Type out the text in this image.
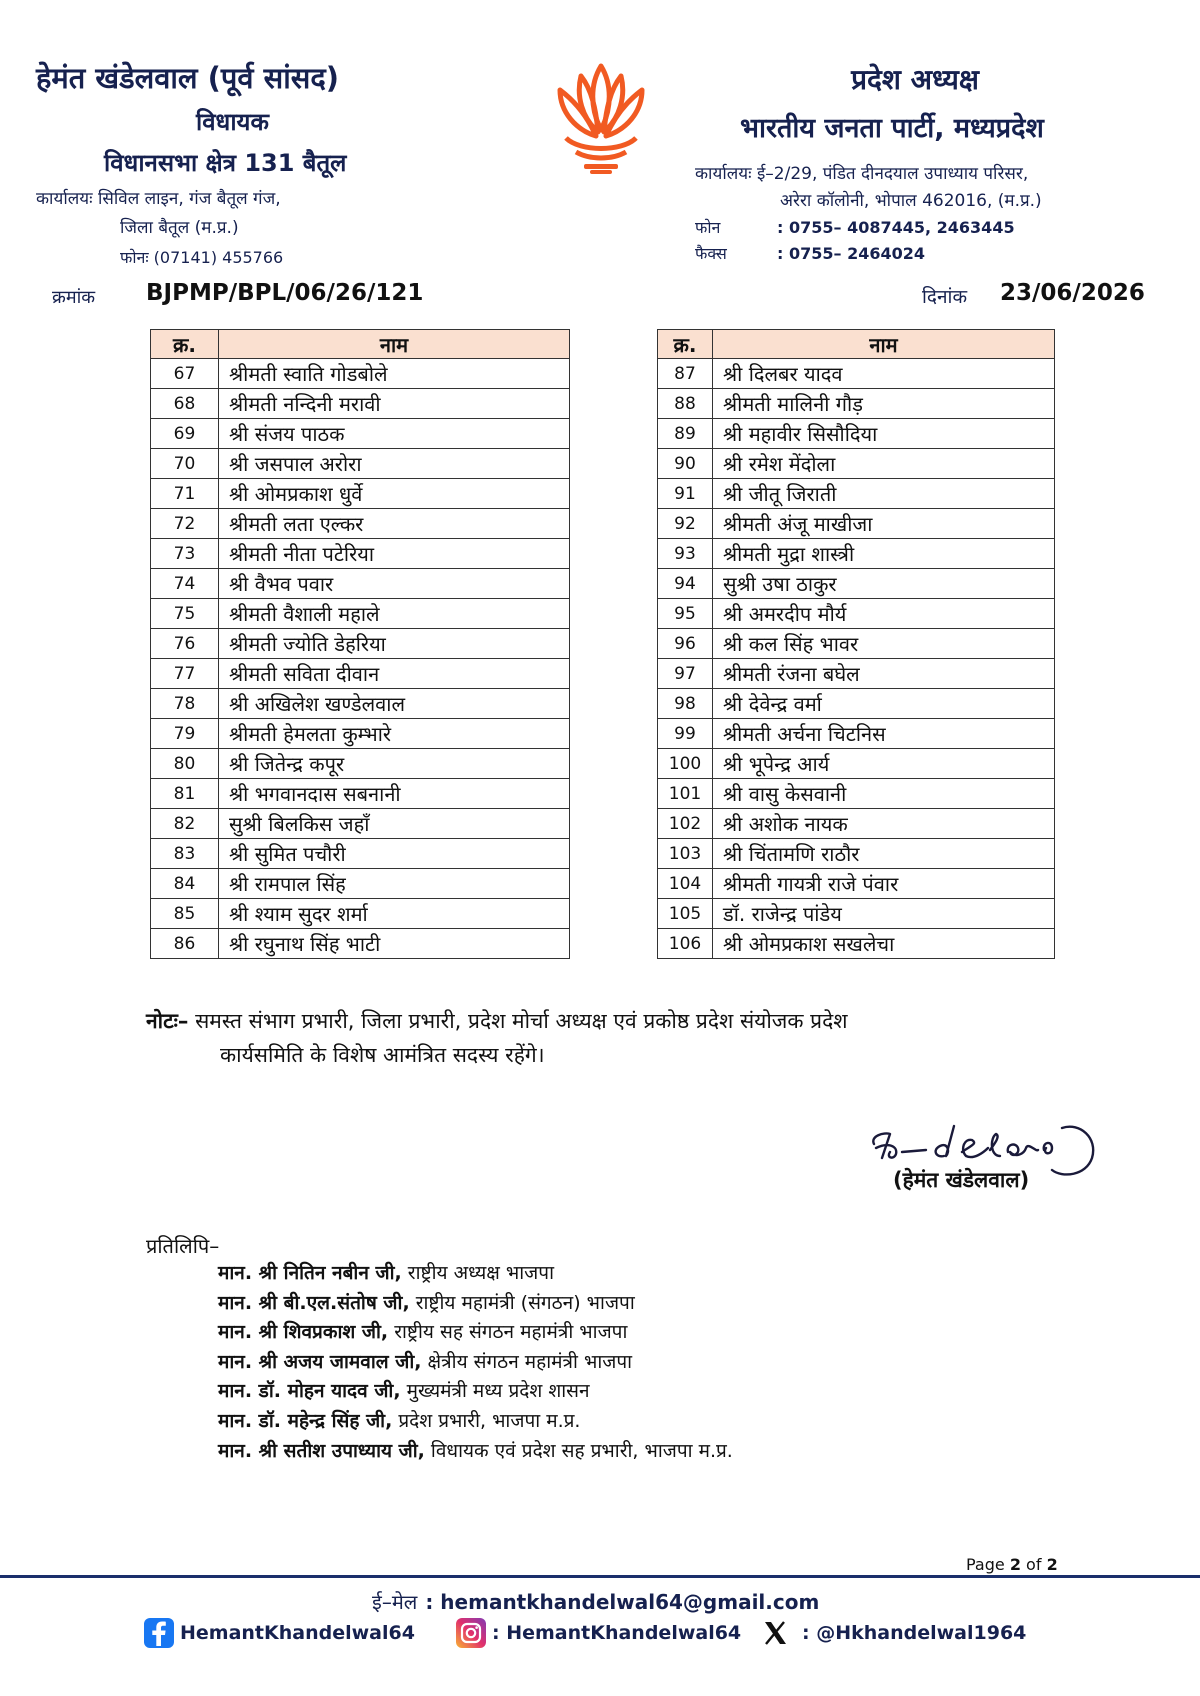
हेमंत खंडेलवाल (पूर्व सांसद)
विधायक
विधानसभा क्षेत्र 131 बैतूल
कार्यालयः सिविल लाइन, गंज बैतूल गंज,
जिला बैतूल (म.प्र.)
फोनः (07141) 455766
प्रदेश अध्यक्ष
भारतीय जनता पार्टी, मध्यप्रदेश
कार्यालयः ई–2/29, पंडित दीनदयाल उपाध्याय परिसर,
अरेरा कॉलोनी, भोपाल 462016, (म.प्र.)
फोन	: 0755– 4087445, 2463445
फैक्स	: 0755– 2464024
क्रमांक BJPMP/BPL/06/26/121	दिनांक 23/06/2026
क्र.	नाम
67	श्रीमती स्वाति गोडबोले
68	श्रीमती नन्दिनी मरावी
69	श्री संजय पाठक
70	श्री जसपाल अरोरा
71	श्री ओमप्रकाश धुर्वे
72	श्रीमती लता एल्कर
73	श्रीमती नीता पटेरिया
74	श्री वैभव पवार
75	श्रीमती वैशाली महाले
76	श्रीमती ज्योति डेहरिया
77	श्रीमती सविता दीवान
78	श्री अखिलेश खण्डेलवाल
79	श्रीमती हेमलता कुम्भारे
80	श्री जितेन्द्र कपूर
81	श्री भगवानदास सबनानी
82	सुश्री बिलकिस जहॉं
83	श्री सुमित पचौरी
84	श्री रामपाल सिंह
85	श्री श्याम सुदर शर्मा
86	श्री रघुनाथ सिंह भाटी
क्र.	नाम
87	श्री दिलबर यादव
88	श्रीमती मालिनी गौड़
89	श्री महावीर सिसौदिया
90	श्री रमेश मेंदोला
91	श्री जीतू जिराती
92	श्रीमती अंजू माखीजा
93	श्रीमती मुद्रा शास्त्री
94	सुश्री उषा ठाकुर
95	श्री अमरदीप मौर्य
96	श्री कल सिंह भावर
97	श्रीमती रंजना बघेल
98	श्री देवेन्द्र वर्मा
99	श्रीमती अर्चना चिटनिस
100	श्री भूपेन्द्र आर्य
101	श्री वासु केसवानी
102	श्री अशोक नायक
103	श्री चिंतामणि राठौर
104	श्रीमती गायत्री राजे पंवार
105	डॉ. राजेन्द्र पांडेय
106	श्री ओमप्रकाश सखलेचा
नोटः– समस्त संभाग प्रभारी, जिला प्रभारी, प्रदेश मोर्चा अध्यक्ष एवं प्रकोष्ठ प्रदेश संयोजक प्रदेश
कार्यसमिति के विशेष आमंत्रित सदस्य रहेंगे।
(हेमंत खंडेलवाल)
प्रतिलिपि–
मान. श्री नितिन नबीन जी, राष्ट्रीय अध्यक्ष भाजपा
मान. श्री बी.एल.संतोष जी, राष्ट्रीय महामंत्री (संगठन) भाजपा
मान. श्री शिवप्रकाश जी, राष्ट्रीय सह संगठन महामंत्री भाजपा
मान. श्री अजय जामवाल जी, क्षेत्रीय संगठन महामंत्री भाजपा
मान. डॉ. मोहन यादव जी, मुख्यमंत्री मध्य प्रदेश शासन
मान. डॉ. महेन्द्र सिंह जी, प्रदेश प्रभारी, भाजपा म.प्र.
मान. श्री सतीश उपाध्याय जी, विधायक एवं प्रदेश सह प्रभारी, भाजपा म.प्र.
Page 2 of 2
ई–मेल : hemantkhandelwal64@gmail.com
HemantKhandelwal64	: HemantKhandelwal64	: @Hkhandelwal1964
